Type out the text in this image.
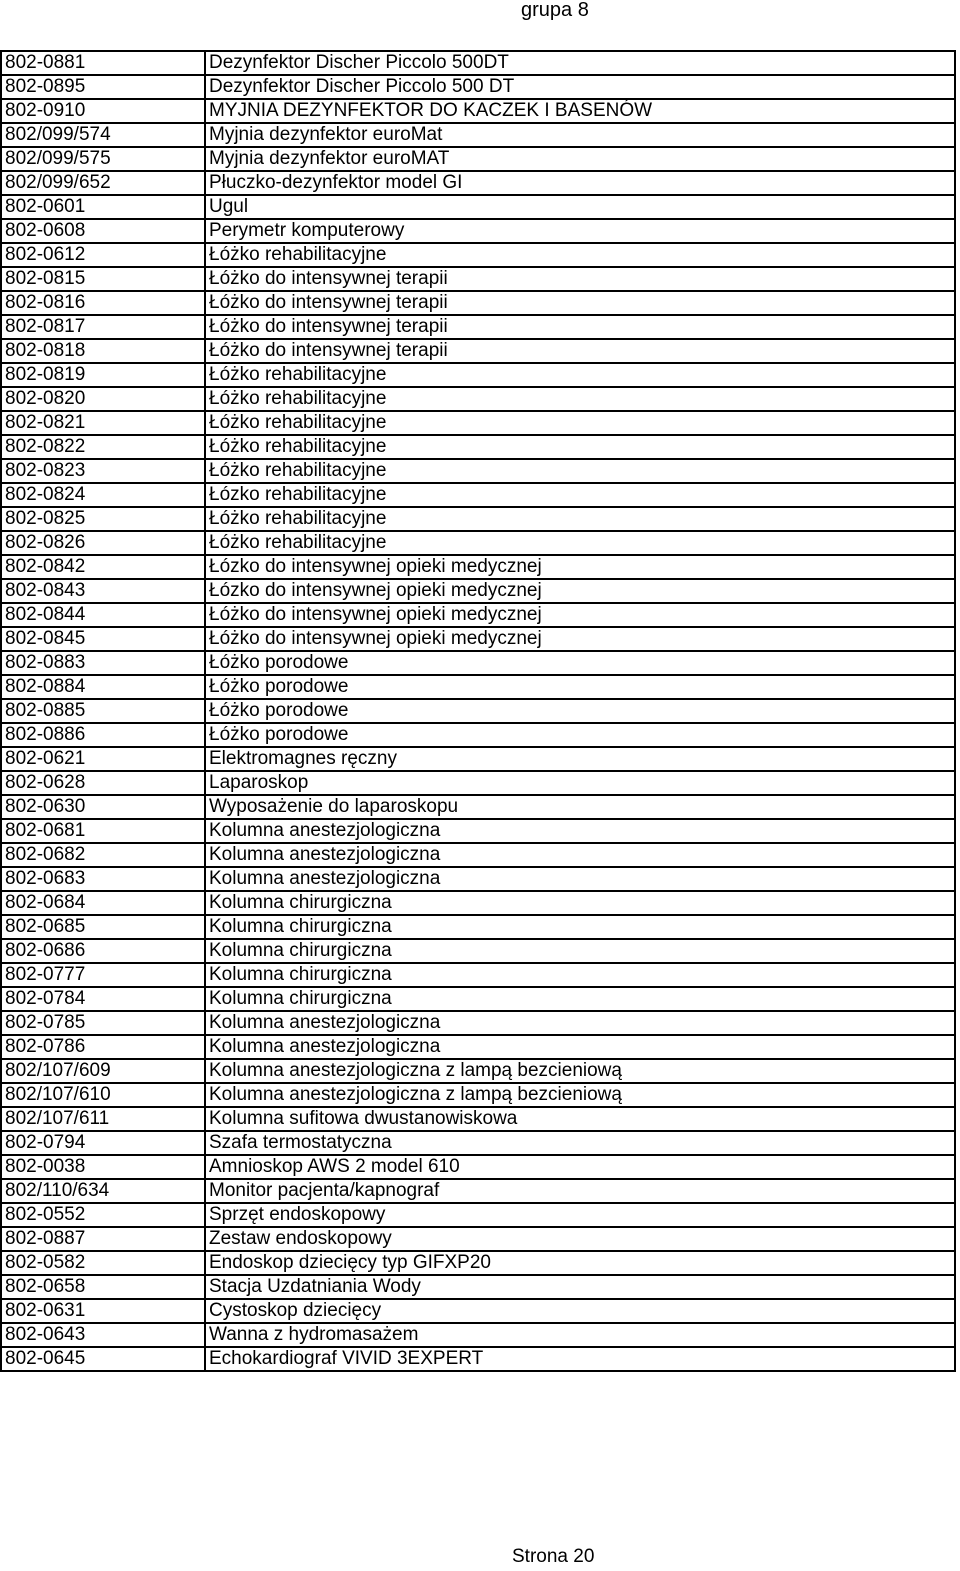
grupa 8
802-0881	Dezynfektor Discher Piccolo 500DT
802-0895	Dezynfektor Discher Piccolo 500 DT
802-0910	MYJNIA DEZYNFEKTOR DO KACZEK I BASENÓW
802/099/574	Myjnia dezynfektor euroMat
802/099/575	Myjnia dezynfektor euroMAT
802/099/652	Płuczko-dezynfektor model GI
802-0601	Ugul
802-0608	Perymetr komputerowy
802-0612	Łóżko rehabilitacyjne
802-0815	Łóżko do intensywnej terapii
802-0816	Łóżko do intensywnej terapii
802-0817	Łóżko do intensywnej terapii
802-0818	Łóżko do intensywnej terapii
802-0819	Łóżko rehabilitacyjne
802-0820	Łóżko rehabilitacyjne
802-0821	Łóżko rehabilitacyjne
802-0822	Łóżko rehabilitacyjne
802-0823	Łóżko rehabilitacyjne
802-0824	Łózko rehabilitacyjne
802-0825	Łóżko rehabilitacyjne
802-0826	Łóżko rehabilitacyjne
802-0842	Łózko do intensywnej opieki medycznej
802-0843	Łózko do intensywnej opieki medycznej
802-0844	Łóżko do intensywnej opieki medycznej
802-0845	Łóżko do intensywnej opieki medycznej
802-0883	Łóżko porodowe
802-0884	Łóżko porodowe
802-0885	Łóżko porodowe
802-0886	Łóżko porodowe
802-0621	Elektromagnes ręczny
802-0628	Laparoskop
802-0630	Wyposażenie do laparoskopu
802-0681	Kolumna anestezjologiczna
802-0682	Kolumna anestezjologiczna
802-0683	Kolumna anestezjologiczna
802-0684	Kolumna chirurgiczna
802-0685	Kolumna chirurgiczna
802-0686	Kolumna chirurgiczna
802-0777	Kolumna chirurgiczna
802-0784	Kolumna chirurgiczna
802-0785	Kolumna anestezjologiczna
802-0786	Kolumna anestezjologiczna
802/107/609	Kolumna anestezjologiczna z lampą bezcieniową
802/107/610	Kolumna anestezjologiczna z lampą bezcieniową
802/107/611	Kolumna sufitowa dwustanowiskowa
802-0794	Szafa termostatyczna
802-0038	Amnioskop AWS 2 model 610
802/110/634	Monitor pacjenta/kapnograf
802-0552	Sprzęt endoskopowy
802-0887	Zestaw endoskopowy
802-0582	Endoskop dziecięcy typ GIFXP20
802-0658	Stacja Uzdatniania Wody
802-0631	Cystoskop dziecięcy
802-0643	Wanna z hydromasażem
802-0645	Echokardiograf VIVID 3EXPERT
Strona 20
